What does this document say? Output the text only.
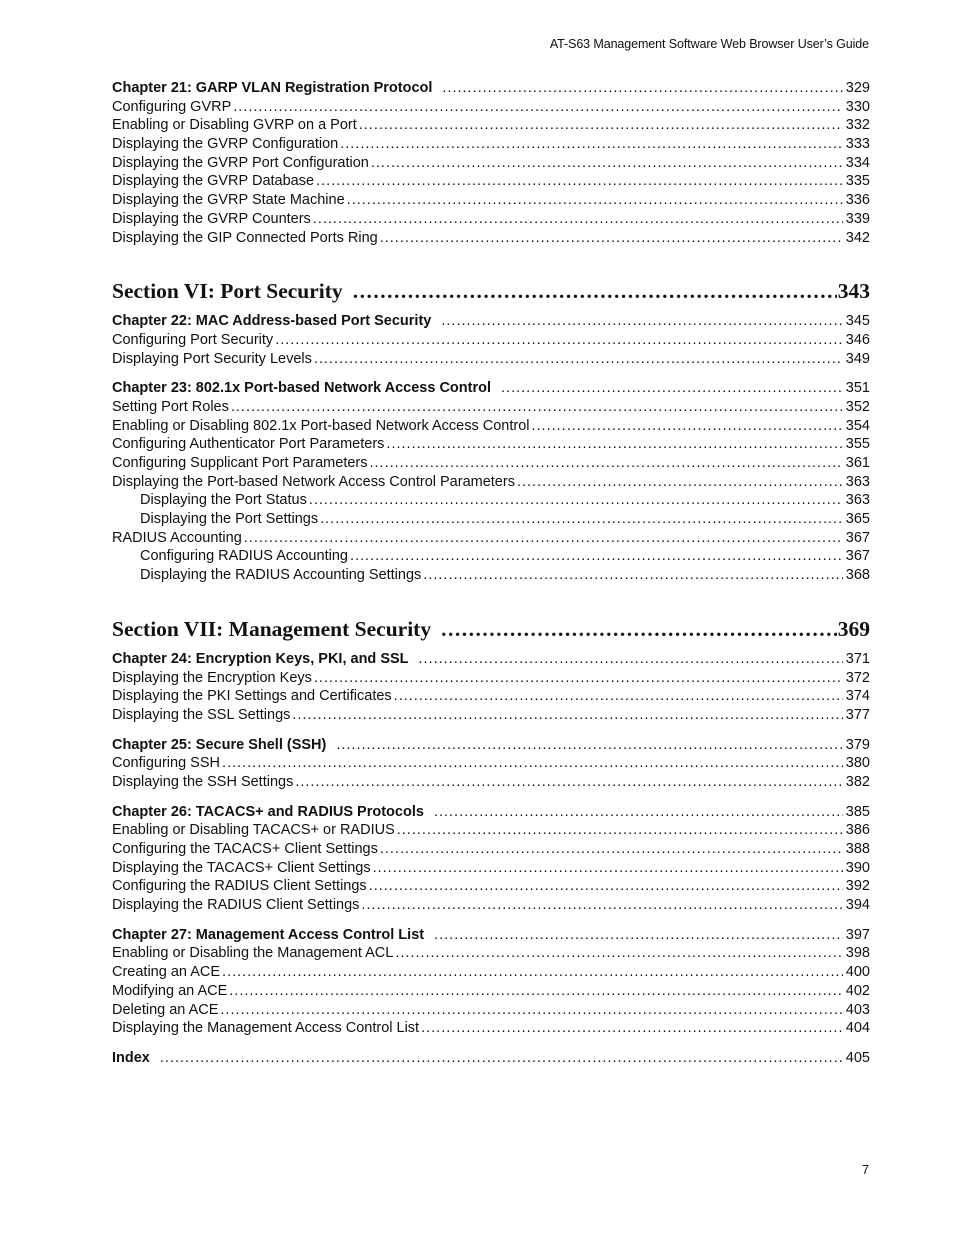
AT-S63 Management Software Web Browser User’s Guide
Chapter 21: GARP VLAN Registration Protocol .....	329
Configuring GVRP .....	330
Enabling or Disabling GVRP on a Port .....	332
Displaying the GVRP Configuration .....	333
Displaying the GVRP Port Configuration .....	334
Displaying the GVRP Database .....	335
Displaying the GVRP State Machine .....	336
Displaying the GVRP Counters .....	339
Displaying the GIP Connected Ports Ring .....	342
Section VI: Port Security .....	343
Chapter 22: MAC Address-based Port Security .....	345
Configuring Port Security .....	346
Displaying Port Security Levels .....	349
Chapter 23: 802.1x Port-based Network Access Control .....	351
Setting Port Roles .....	352
Enabling or Disabling 802.1x Port-based Network Access Control .....	354
Configuring Authenticator Port Parameters .....	355
Configuring Supplicant Port Parameters .....	361
Displaying the Port-based Network Access Control Parameters .....	363
Displaying the Port Status .....	363
Displaying the Port Settings .....	365
RADIUS Accounting .....	367
Configuring RADIUS Accounting .....	367
Displaying the RADIUS Accounting Settings .....	368
Section VII: Management Security .....	369
Chapter 24: Encryption Keys, PKI, and SSL .....	371
Displaying the Encryption Keys .....	372
Displaying the PKI Settings and Certificates .....	374
Displaying the SSL Settings .....	377
Chapter 25: Secure Shell (SSH) .....	379
Configuring SSH .....	380
Displaying the SSH Settings .....	382
Chapter 26: TACACS+ and RADIUS Protocols .....	385
Enabling or Disabling TACACS+ or RADIUS .....	386
Configuring the TACACS+ Client Settings .....	388
Displaying the TACACS+ Client Settings .....	390
Configuring the RADIUS Client Settings .....	392
Displaying the RADIUS Client Settings .....	394
Chapter 27: Management Access Control List .....	397
Enabling or Disabling the Management ACL .....	398
Creating an ACE .....	400
Modifying an ACE .....	402
Deleting an ACE .....	403
Displaying the Management Access Control List .....	404
Index .....	405
7
